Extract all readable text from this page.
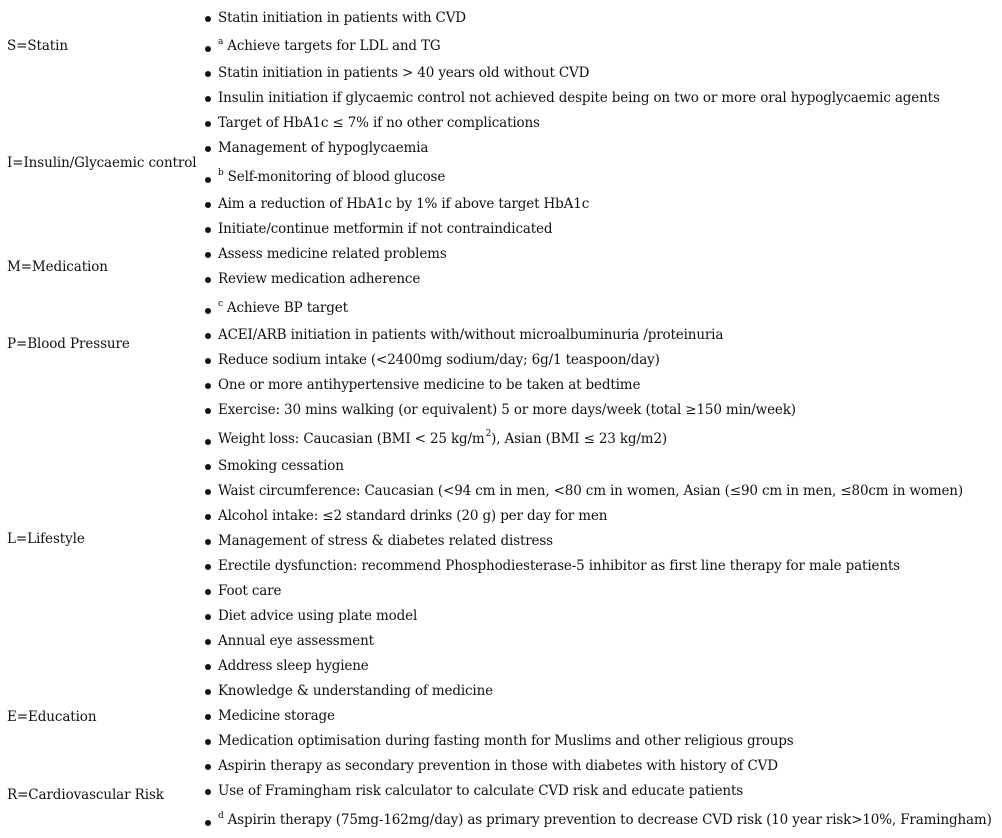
S=Statin
I=Insulin/Glycaemic control
M=Medication
P=Blood Pressure
L=Lifestyle
E=Education
R=Cardiovascular Risk
Statin initiation in patients with CVD
$^a$ Achieve targets for LDL and TG
Statin initiation in patients > 40 years old without CVD
Insulin initiation if glycaemic control not achieved despite being on two or more oral hypoglycaemic agents
Target of HbA1c ≤ 7% if no other complications
Management of hypoglycaemia
$^b$ Self-monitoring of blood glucose
Aim a reduction of HbA1c by 1% if above target HbA1c
Initiate/continue metformin if not contraindicated
Assess medicine related problems
Review medication adherence
$^c$ Achieve BP target
ACEI/ARB initiation in patients with/without microalbuminuria /proteinuria
Reduce sodium intake (<2400mg sodium/day; 6g/1 teaspoon/day)
One or more antihypertensive medicine to be taken at bedtime
Exercise: 30 mins walking (or equivalent) 5 or more days/week (total ≥150 min/week)
Weight loss: Caucasian (BMI < 25 $kg/m^2$), Asian (BMI ≤ 23 kg/m2)
Smoking cessation
Waist circumference: Caucasian (<94 cm in men, <80 cm in women, Asian (≤90 cm in men, ≤80cm in women)
Alcohol intake: ≤2 standard drinks (20 g) per day for men
Management of stress & diabetes related distress
Erectile dysfunction: recommend Phosphodiesterase-5 inhibitor as first line therapy for male patients
Foot care
Diet advice using plate model
Annual eye assessment
Address sleep hygiene
Knowledge & understanding of medicine
Medicine storage
Medication optimisation during fasting month for Muslims and other religious groups
Aspirin therapy as secondary prevention in those with diabetes with history of CVD
Use of Framingham risk calculator to calculate CVD risk and educate patients
$^d$ Aspirin therapy (75mg-162mg/day) as primary prevention to decrease CVD risk (10 year risk>10%, Framingham)
